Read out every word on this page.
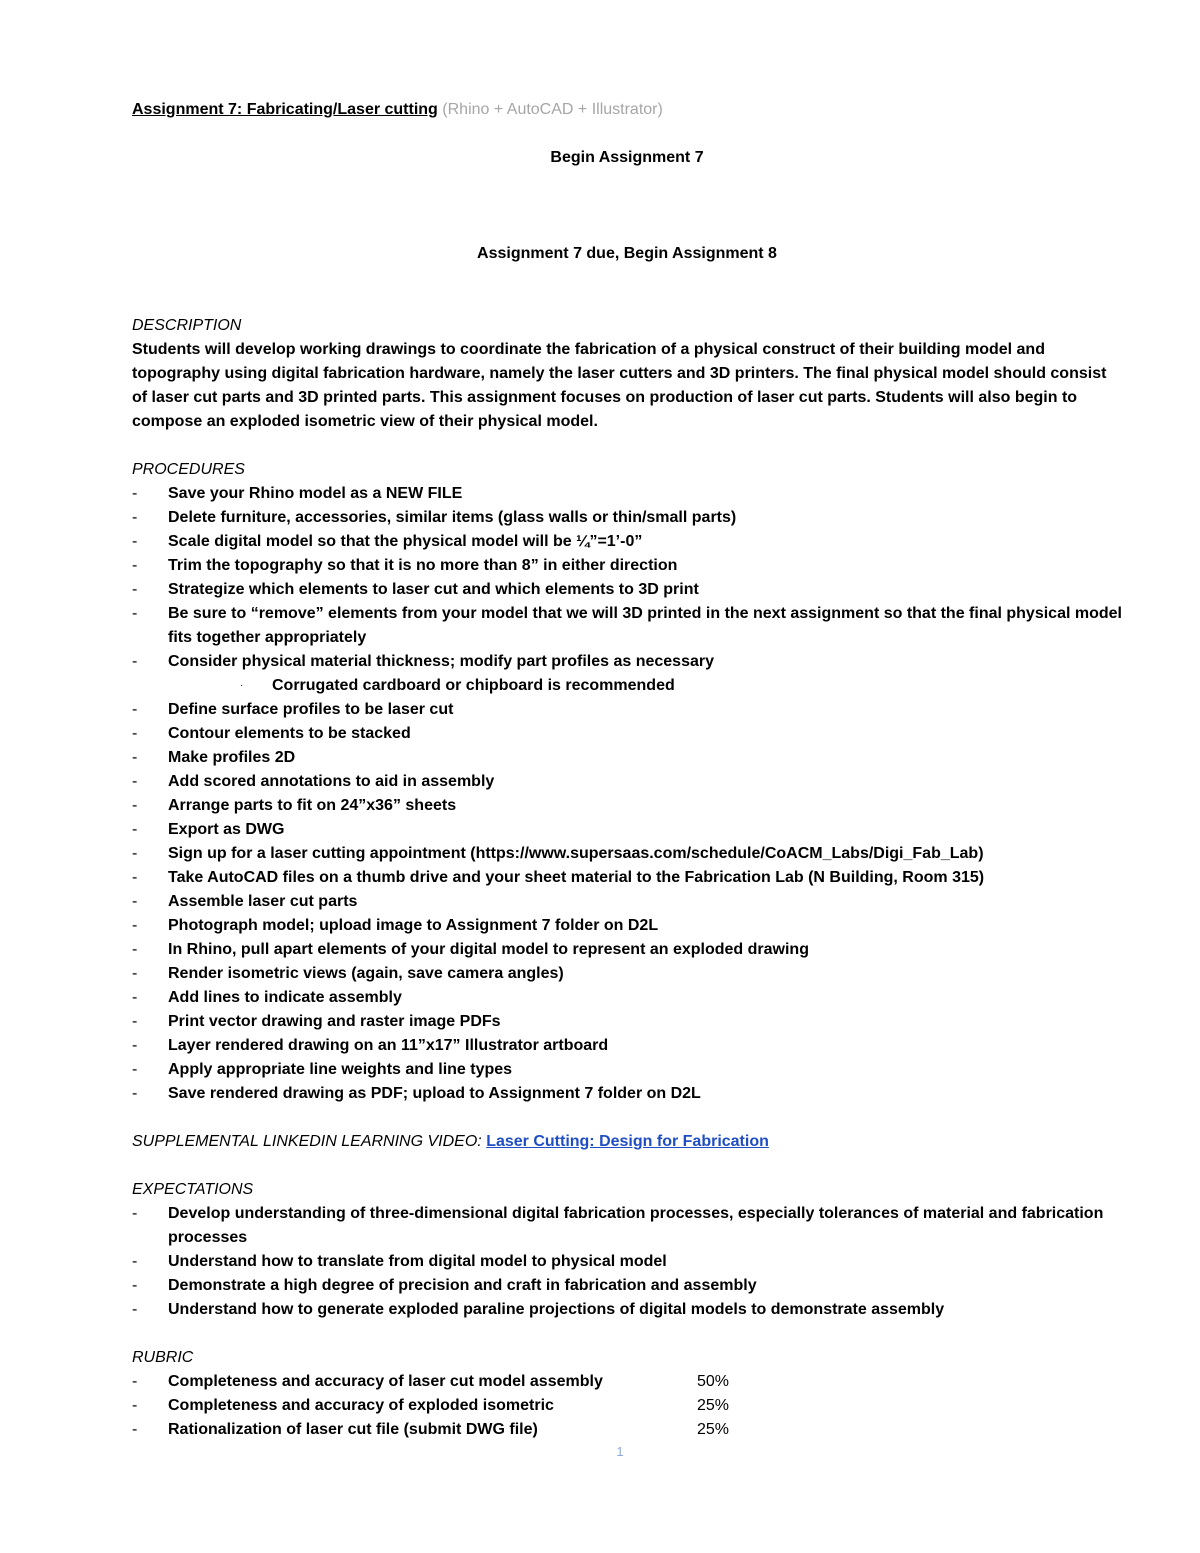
Assignment 7: Fabricating/Laser cutting (Rhino + AutoCAD + Illustrator)
Begin Assignment 7
Assignment 7 due, Begin Assignment 8
DESCRIPTION
Students will develop working drawings to coordinate the fabrication of a physical construct of their building model and topography using digital fabrication hardware, namely the laser cutters and 3D printers. The final physical model should consist of laser cut parts and 3D printed parts. This assignment focuses on production of laser cut parts. Students will also begin to compose an exploded isometric view of their physical model.
PROCEDURES
-	Save your Rhino model as a NEW FILE
-	Delete furniture, accessories, similar items (glass walls or thin/small parts)
-	Scale digital model so that the physical model will be ¼”=1’-0”
-	Trim the topography so that it is no more than 8” in either direction
-	Strategize which elements to laser cut and which elements to 3D print
-	Be sure to “remove” elements from your model that we will 3D printed in the next assignment so that the final physical model fits together appropriately
-	Consider physical material thickness; modify part profiles as necessary
· Corrugated cardboard or chipboard is recommended
-	Define surface profiles to be laser cut
-	Contour elements to be stacked
-	Make profiles 2D
-	Add scored annotations to aid in assembly
-	Arrange parts to fit on 24”x36” sheets
-	Export as DWG
-	Sign up for a laser cutting appointment (https://www.supersaas.com/schedule/CoACM_Labs/Digi_Fab_Lab)
-	Take AutoCAD files on a thumb drive and your sheet material to the Fabrication Lab (N Building, Room 315)
-	Assemble laser cut parts
-	Photograph model; upload image to Assignment 7 folder on D2L
-	In Rhino, pull apart elements of your digital model to represent an exploded drawing
-	Render isometric views (again, save camera angles)
-	Add lines to indicate assembly
-	Print vector drawing and raster image PDFs
-	Layer rendered drawing on an 11”x17” Illustrator artboard
-	Apply appropriate line weights and line types
-	Save rendered drawing as PDF; upload to Assignment 7 folder on D2L
SUPPLEMENTAL LINKEDIN LEARNING VIDEO: Laser Cutting: Design for Fabrication
EXPECTATIONS
-	Develop understanding of three-dimensional digital fabrication processes, especially tolerances of material and fabrication processes
-	Understand how to translate from digital model to physical model
-	Demonstrate a high degree of precision and craft in fabrication and assembly
-	Understand how to generate exploded paraline projections of digital models to demonstrate assembly
RUBRIC
- Completeness and accuracy of laser cut model assembly	50%
- Completeness and accuracy of exploded isometric	25%
- Rationalization of laser cut file (submit DWG file)	25%
1
